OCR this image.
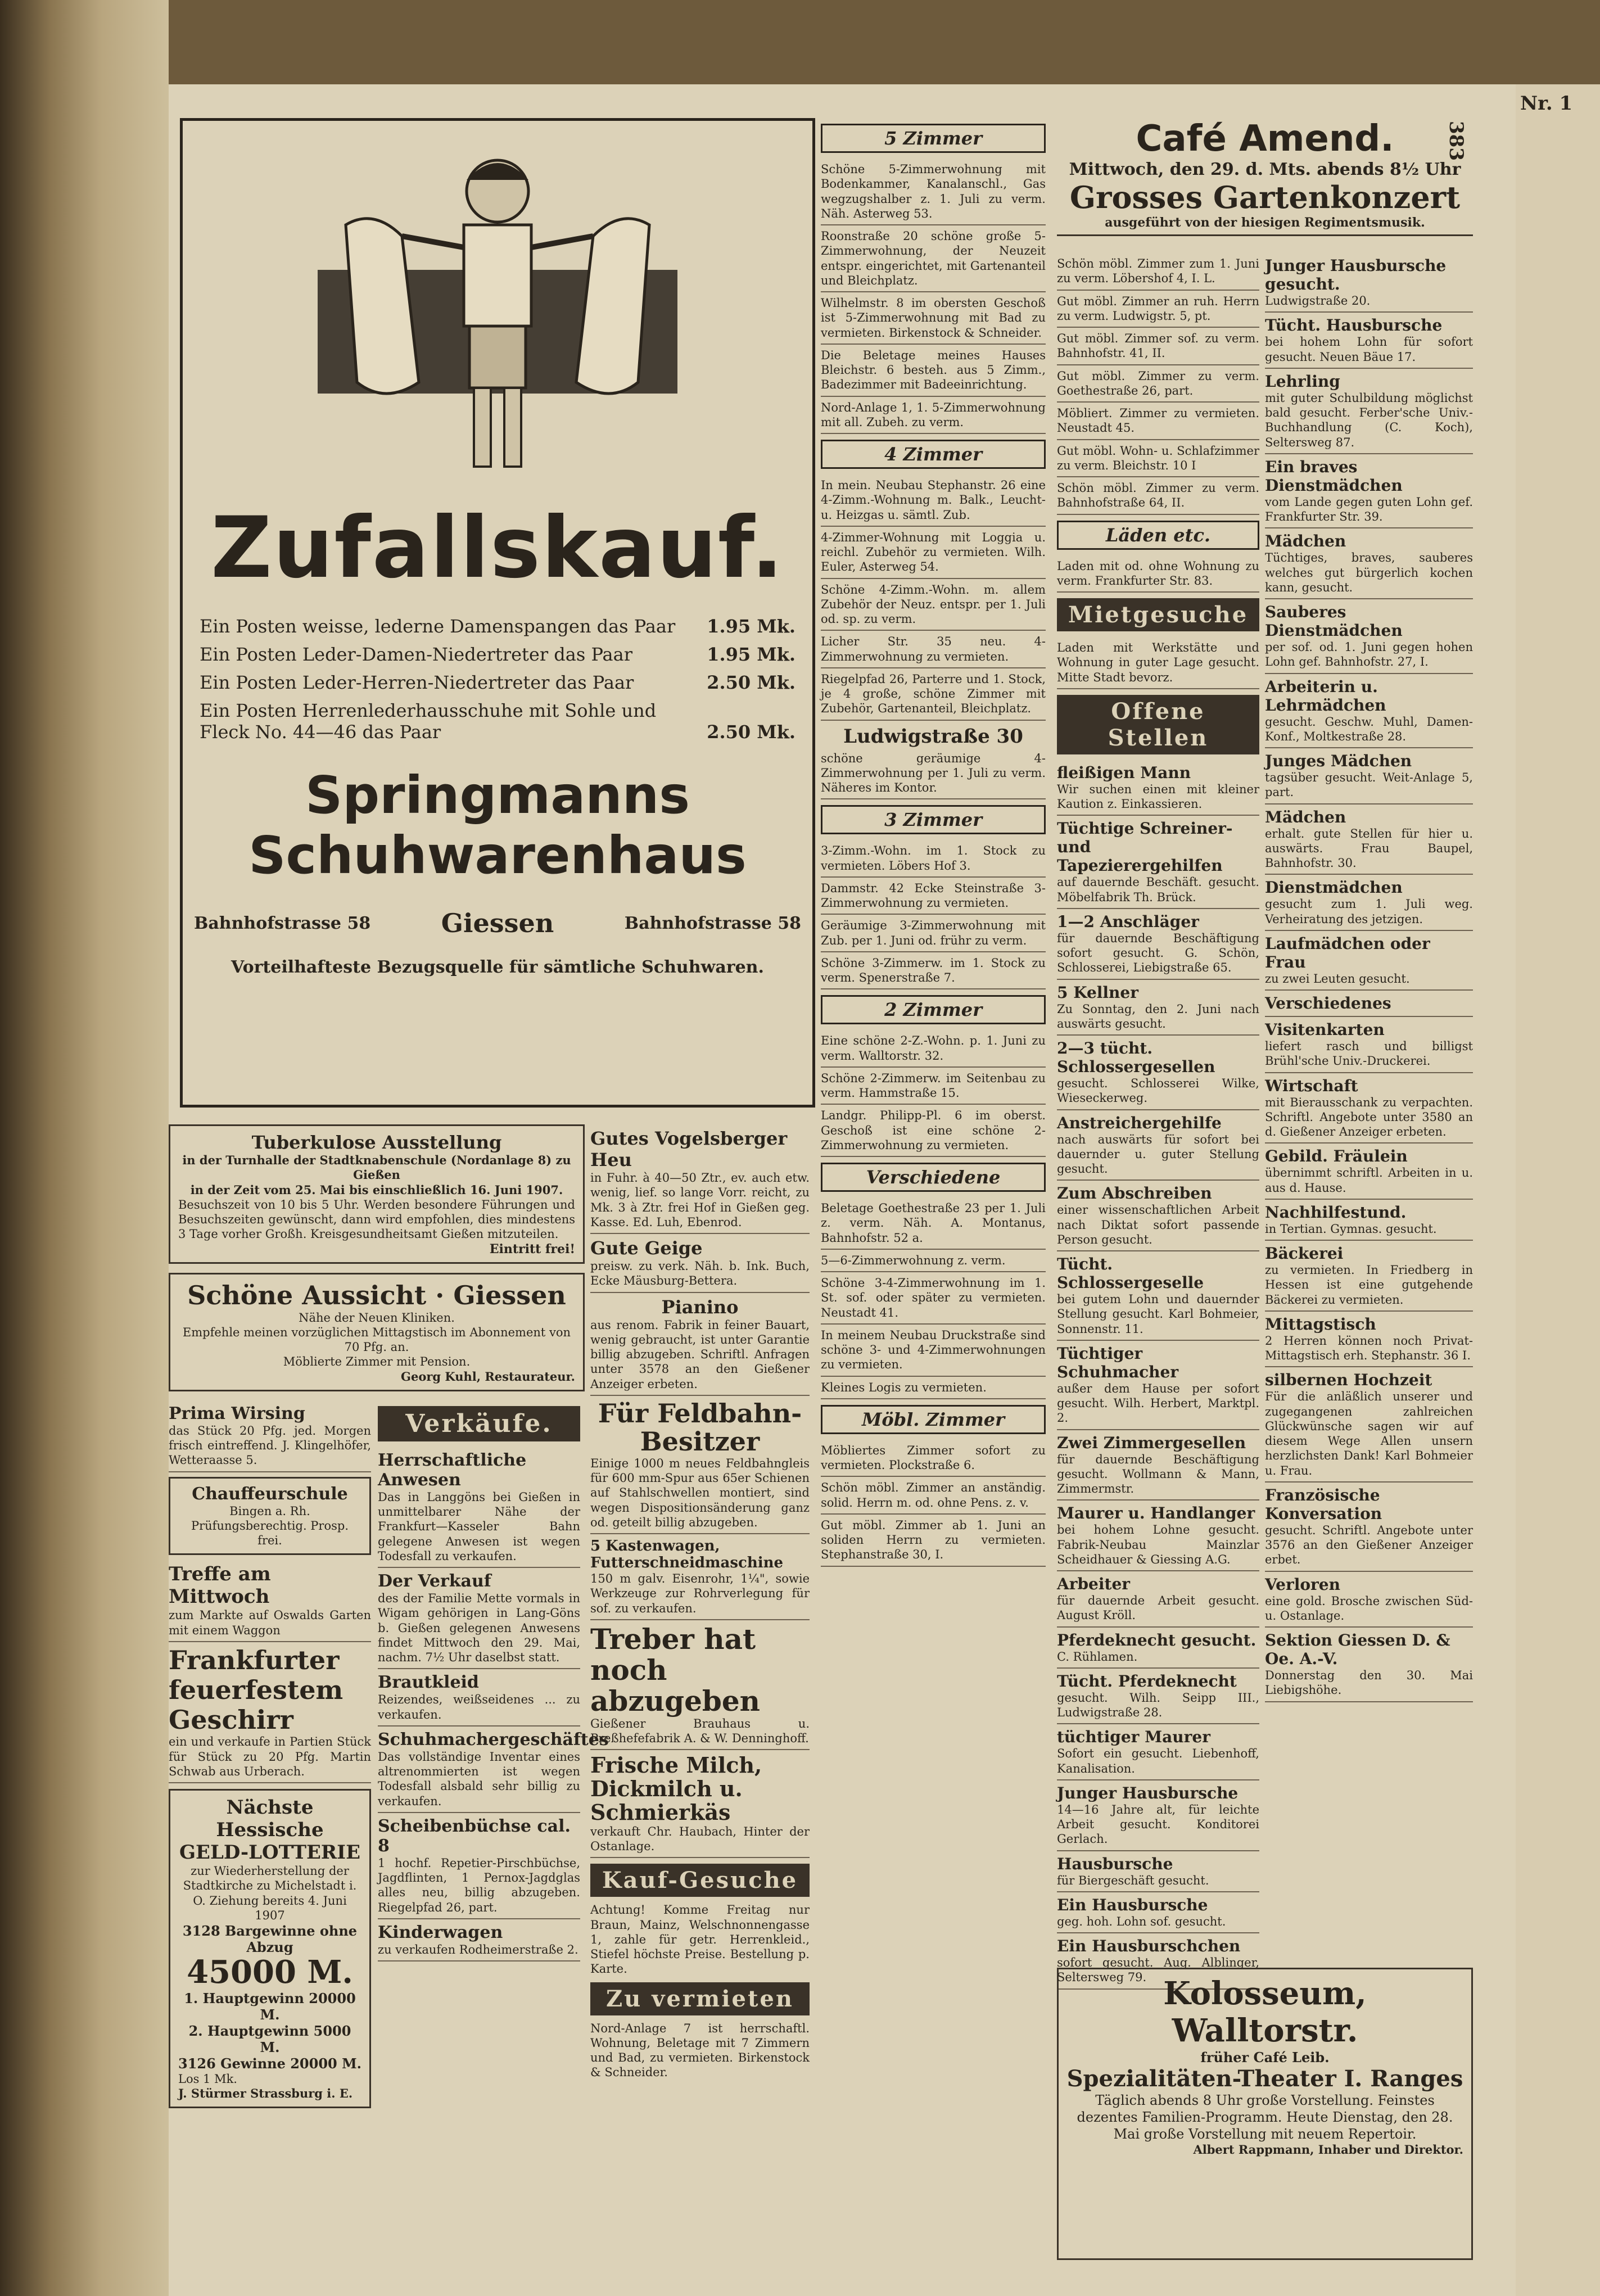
Nr. 1
383
Zufallskauf.
Ein Posten weisse, lederne Damenspangen das Paar 1.95 Mk.
Ein Posten Leder-Damen-Niedertreter das Paar	1.95 Mk.
Ein Posten Leder-Herren-Niedertreter das Paar	2.50 Mk.
Ein Posten Herrenlederhausschuhe mit Sohle und Fleck No. 44—46 das Paar	2.50 Mk.
Springmanns Schuhwarenhaus
Bahnhofstrasse 58	Giessen	Bahnhofstrasse 58
Vorteilhafteste Bezugsquelle für sämtliche Schuhwaren.
Tuberkulose Ausstellung
in der Turnhalle der Stadtknabenschule (Nordanlage 8) zu Gießen
in der Zeit vom 25. Mai bis einschließlich 16. Juni 1907.
Besuchszeit von 10 bis 5 Uhr. Werden besondere Führungen und Besuchszeiten gewünscht, dann wird empfohlen, dies mindestens 3 Tage vorher Großh. Kreisgesundheitsamt Gießen mitzuteilen.
Eintritt frei!
Schöne Aussicht · Giessen
Nähe der Neuen Kliniken.
Empfehle meinen vorzüglichen Mittagstisch im Abonnement von 70 Pfg. an.
Möblierte Zimmer mit Pension.
Georg Kuhl, Restaurateur.
Prima Wirsing
das Stück 20 Pfg. jed. Morgen frisch eintreffend. J. Klingelhöfer, Wetteraasse 5.
Chauffeurschule
Bingen a. Rh. Prüfungsberechtig. Prosp. frei.
Treffe am Mittwoch
zum Markte auf Oswalds Garten mit einem Waggon
Frankfurter feuerfestem Geschirr
ein und verkaufe in Partien Stück für Stück zu 20 Pfg. Martin Schwab aus Urberach.
Nächste Hessische GELD-LOTTERIE
zur Wiederherstellung der Stadtkirche zu Michelstadt i. O. Ziehung bereits 4. Juni 1907
3128 Bargewinne ohne Abzug
45000 M.
1. Hauptgewinn 20000 M.
2. Hauptgewinn 5000 M.
3126 Gewinne 20000 M.
Los 1 Mk.
J. Stürmer Strassburg i. E.
Verkäufe.
Herrschaftliche Anwesen
Das in Langgöns bei Gießen in unmittelbarer Nähe der Frankfurt—Kasseler Bahn gelegene Anwesen ist wegen Todesfall zu verkaufen.
Der Verkauf
des der Familie Mette vormals in Wigam gehörigen in Lang-Göns b. Gießen gelegenen Anwesens findet Mittwoch den 29. Mai, nachm. 7½ Uhr daselbst statt.
Brautkleid
Reizendes, weißseidenes ... zu verkaufen.
Schuhmachergeschäftes
Das vollständige Inventar eines altrenommierten ist wegen Todesfall alsbald sehr billig zu verkaufen.
Scheibenbüchse cal. 8
1 hochf. Repetier-Pirschbüchse, Jagdflinten, 1 Pernox-Jagdglas alles neu, billig abzugeben. Riegelpfad 26, part.
Kinderwagen
zu verkaufen Rodheimerstraße 2.
Gutes Vogelsberger Heu
in Fuhr. à 40—50 Ztr., ev. auch etw. wenig, lief. so lange Vorr. reicht, zu Mk. 3 à Ztr. frei Hof in Gießen geg. Kasse. Ed. Luh, Ebenrod.
Gute Geige
preisw. zu verk. Näh. b. Ink. Buch, Ecke Mäusburg-Bettera.
Pianino
aus renom. Fabrik in feiner Bauart, wenig gebraucht, ist unter Garantie billig abzugeben. Schriftl. Anfragen unter 3578 an den Gießener Anzeiger erbeten.
Für Feldbahn-Besitzer
Einige 1000 m neues Feldbahngleis für 600 mm-Spur aus 65er Schienen auf Stahlschwellen montiert, sind wegen Dispositionsänderung ganz od. geteilt billig abzugeben.
5 Kastenwagen, Futterschneidmaschine
150 m galv. Eisenrohr, 1¼", sowie Werkzeuge zur Rohrverlegung für sof. zu verkaufen.
Treber hat noch abzugeben
Gießener Brauhaus u. Preßhefefabrik A. & W. Denninghoff.
Frische Milch, Dickmilch u. Schmierkäs
verkauft Chr. Haubach, Hinter der Ostanlage.
Kauf-Gesuche
Achtung! Komme Freitag nur Braun, Mainz, Welschnonnengasse 1, zahle für getr. Herrenkleid., Stiefel höchste Preise. Bestellung p. Karte.
Zu vermieten
Nord-Anlage 7 ist herrschaftl. Wohnung, Beletage mit 7 Zimmern und Bad, zu vermieten. Birkenstock & Schneider.
5 Zimmer
Schöne 5-Zimmerwohnung mit Bodenkammer, Kanalanschl., Gas wegzugshalber z. 1. Juli zu verm. Näh. Asterweg 53.
Roonstraße 20 schöne große 5-Zimmerwohnung, der Neuzeit entspr. eingerichtet, mit Gartenanteil und Bleichplatz.
Wilhelmstr. 8 im obersten Geschoß ist 5-Zimmerwohnung mit Bad zu vermieten. Birkenstock & Schneider.
Die Beletage meines Hauses Bleichstr. 6 besteh. aus 5 Zimm., Badezimmer mit Badeeinrichtung.
Nord-Anlage 1, 1. 5-Zimmerwohnung mit all. Zubeh. zu verm.
4 Zimmer
In mein. Neubau Stephanstr. 26 eine 4-Zimm.-Wohnung m. Balk., Leucht- u. Heizgas u. sämtl. Zub.
4-Zimmer-Wohnung mit Loggia u. reichl. Zubehör zu vermieten. Wilh. Euler, Asterweg 54.
Schöne 4-Zimm.-Wohn. m. allem Zubehör der Neuz. entspr. per 1. Juli od. sp. zu verm.
Licher Str. 35 neu. 4-Zimmerwohnung zu vermieten.
Riegelpfad 26, Parterre und 1. Stock, je 4 große, schöne Zimmer mit Zubehör, Gartenanteil, Bleichplatz.
Ludwigstraße 30
schöne geräumige 4-Zimmerwohnung per 1. Juli zu verm. Näheres im Kontor.
3 Zimmer
3-Zimm.-Wohn. im 1. Stock zu vermieten. Löbers Hof 3.
Dammstr. 42 Ecke Steinstraße 3-Zimmerwohnung zu vermieten.
Geräumige 3-Zimmerwohnung mit Zub. per 1. Juni od. frühr zu verm.
Schöne 3-Zimmerw. im 1. Stock zu verm. Spenerstraße 7.
2 Zimmer
Eine schöne 2-Z.-Wohn. p. 1. Juni zu verm. Walltorstr. 32.
Schöne 2-Zimmerw. im Seitenbau zu verm. Hammstraße 15.
Landgr. Philipp-Pl. 6 im oberst. Geschoß ist eine schöne 2-Zimmerwohnung zu vermieten.
Verschiedene
Beletage Goethestraße 23 per 1. Juli z. verm. Näh. A. Montanus, Bahnhofstr. 52 a.
5—6-Zimmerwohnung z. verm.
Schöne 3-4-Zimmerwohnung im 1. St. sof. oder später zu vermieten. Neustadt 41.
In meinem Neubau Druckstraße sind schöne 3- und 4-Zimmerwohnungen zu vermieten.
Kleines Logis zu vermieten.
Möbl. Zimmer
Möbliertes Zimmer sofort zu vermieten. Plockstraße 6.
Schön möbl. Zimmer an anständig. solid. Herrn m. od. ohne Pens. z. v.
Gut möbl. Zimmer ab 1. Juni an soliden Herrn zu vermieten. Stephanstraße 30, I.
Café Amend.
Mittwoch, den 29. d. Mts. abends 8½ Uhr
Grosses Gartenkonzert
ausgeführt von der hiesigen Regimentsmusik.
Schön möbl. Zimmer zum 1. Juni zu verm. Löbershof 4, I. L.
Gut möbl. Zimmer an ruh. Herrn zu verm. Ludwigstr. 5, pt.
Gut möbl. Zimmer sof. zu verm. Bahnhofstr. 41, II.
Gut möbl. Zimmer zu verm. Goethestraße 26, part.
Möbliert. Zimmer zu vermieten. Neustadt 45.
Gut möbl. Wohn- u. Schlafzimmer zu verm. Bleichstr. 10 I
Schön möbl. Zimmer zu verm. Bahnhofstraße 64, II.
Läden etc.
Laden mit od. ohne Wohnung zu verm. Frankfurter Str. 83.
Mietgesuche
Laden mit Werkstätte und Wohnung in guter Lage gesucht. Mitte Stadt bevorz.
Offene Stellen
fleißigen Mann
Wir suchen einen mit kleiner Kaution z. Einkassieren.
Tüchtige Schreiner- und Tapezierergehilfen
auf dauernde Beschäft. gesucht. Möbelfabrik Th. Brück.
1—2 Anschläger
für dauernde Beschäftigung sofort gesucht. G. Schön, Schlosserei, Liebigstraße 65.
5 Kellner
Zu Sonntag, den 2. Juni nach auswärts gesucht.
2—3 tücht. Schlossergesellen
gesucht. Schlosserei Wilke, Wieseckerweg.
Anstreichergehilfe
nach auswärts für sofort bei dauernder u. guter Stellung gesucht.
Zum Abschreiben
einer wissenschaftlichen Arbeit nach Diktat sofort passende Person gesucht.
Tücht. Schlossergeselle
bei gutem Lohn und dauernder Stellung gesucht. Karl Bohmeier, Sonnenstr. 11.
Tüchtiger Schuhmacher
außer dem Hause per sofort gesucht. Wilh. Herbert, Marktpl. 2.
Zwei Zimmergesellen
für dauernde Beschäftigung gesucht. Wollmann & Mann, Zimmermstr.
Maurer u. Handlanger
bei hohem Lohne gesucht. Fabrik-Neubau Mainzlar Scheidhauer & Giessing A.G.
Arbeiter
für dauernde Arbeit gesucht. August Kröll.
Pferdeknecht gesucht.
C. Rühlamen.
Tücht. Pferdeknecht
gesucht. Wilh. Seipp III., Ludwigstraße 28.
tüchtiger Maurer
Sofort ein gesucht. Liebenhoff, Kanalisation.
Junger Hausbursche
14—16 Jahre alt, für leichte Arbeit gesucht. Konditorei Gerlach.
Hausbursche
für Biergeschäft gesucht.
Ein Hausbursche
geg. hoh. Lohn sof. gesucht.
Ein Hausburschchen
sofort gesucht. Aug. Alblinger, Seltersweg 79.
Junger Hausbursche gesucht.
Ludwigstraße 20.
Tücht. Hausbursche
bei hohem Lohn für sofort gesucht. Neuen Bäue 17.
Lehrling
mit guter Schulbildung möglichst bald gesucht. Ferber'sche Univ.-Buchhandlung (C. Koch), Seltersweg 87.
Ein braves Dienstmädchen
vom Lande gegen guten Lohn gef. Frankfurter Str. 39.
Mädchen
Tüchtiges, braves, sauberes welches gut bürgerlich kochen kann, gesucht.
Sauberes Dienstmädchen
per sof. od. 1. Juni gegen hohen Lohn gef. Bahnhofstr. 27, I.
Arbeiterin u. Lehrmädchen
gesucht. Geschw. Muhl, Damen-Konf., Moltkestraße 28.
Junges Mädchen
tagsüber gesucht. Weit-Anlage 5, part.
Mädchen
erhalt. gute Stellen für hier u. auswärts. Frau Baupel, Bahnhofstr. 30.
Dienstmädchen
gesucht zum 1. Juli weg. Verheiratung des jetzigen.
Laufmädchen oder Frau
zu zwei Leuten gesucht.
Verschiedenes
Visitenkarten
liefert rasch und billigst Brühl'sche Univ.-Druckerei.
Wirtschaft
mit Bierausschank zu verpachten. Schriftl. Angebote unter 3580 an d. Gießener Anzeiger erbeten.
Gebild. Fräulein
übernimmt schriftl. Arbeiten in u. aus d. Hause.
Nachhilfestund.
in Tertian. Gymnas. gesucht.
Bäckerei
zu vermieten. In Friedberg in Hessen ist eine gutgehende Bäckerei zu vermieten.
Mittagstisch
2 Herren können noch Privat-Mittagstisch erh. Stephanstr. 36 I.
silbernen Hochzeit
Für die anläßlich unserer und zugegangenen zahlreichen Glückwünsche sagen wir auf diesem Wege Allen unsern herzlichsten Dank! Karl Bohmeier u. Frau.
Französische Konversation
gesucht. Schriftl. Angebote unter 3576 an den Gießener Anzeiger erbet.
Verloren
eine gold. Brosche zwischen Süd- u. Ostanlage.
Sektion Giessen D. & Oe. A.-V.
Donnerstag den 30. Mai Liebigshöhe.
Kolosseum, Walltorstr.
früher Café Leib.
Spezialitäten-Theater I. Ranges
Täglich abends 8 Uhr große Vorstellung. Feinstes dezentes Familien-Programm. Heute Dienstag, den 28. Mai große Vorstellung mit neuem Repertoir.
Albert Rappmann, Inhaber und Direktor.
